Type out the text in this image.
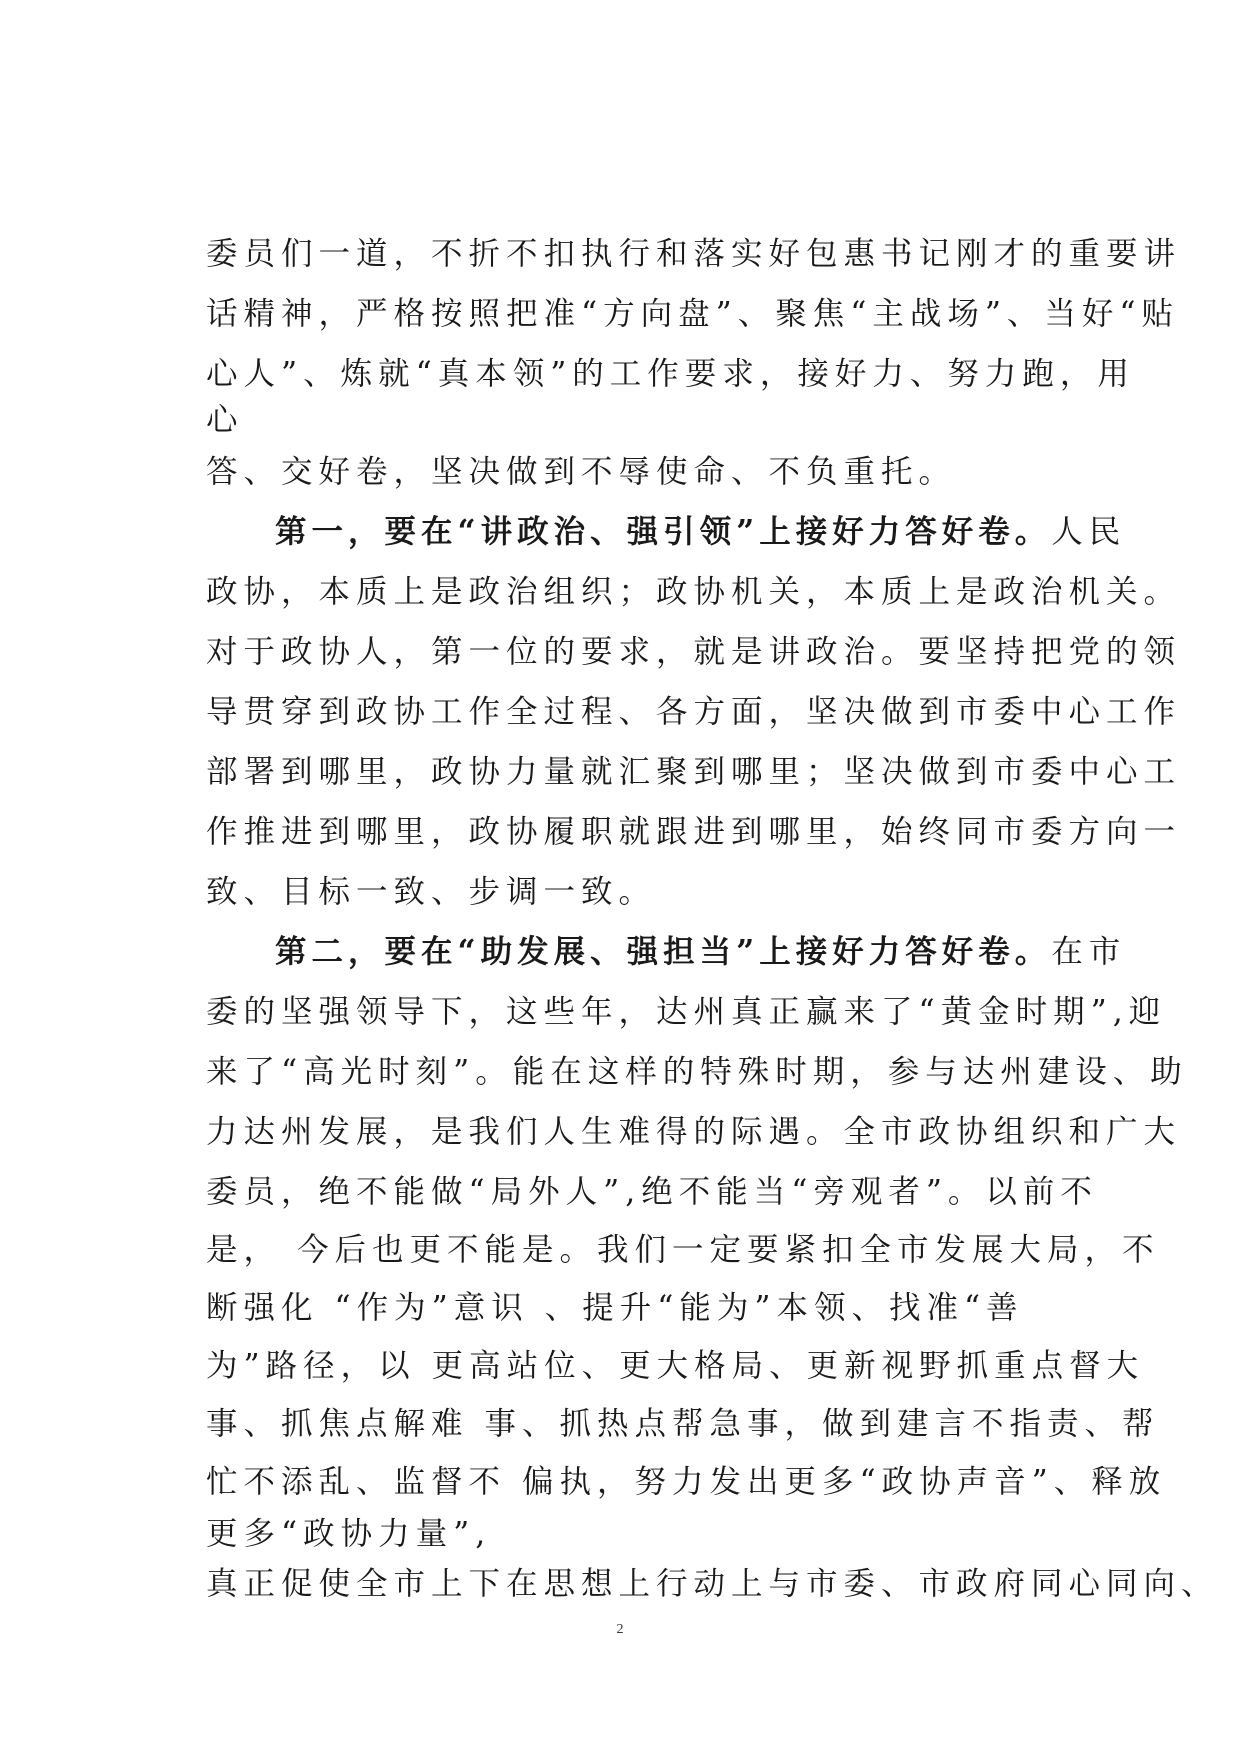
委员们一道，不折不扣执行和落实好包惠书记刚才的重要讲
话精神，严格按照把准“方向盘”、聚焦“主战场”、当好“贴
心人”、炼就“真本领”的工作要求，接好力、努力跑，用
心
答、交好卷，坚决做到不辱使命、不负重托。
第一，要在“讲政治、强引领”上接好力答好卷。人民
政协，本质上是政治组织；政协机关，本质上是政治机关。
对于政协人，第一位的要求，就是讲政治。要坚持把党的领
导贯穿到政协工作全过程、各方面，坚决做到市委中心工作
部署到哪里，政协力量就汇聚到哪里；坚决做到市委中心工
作推进到哪里，政协履职就跟进到哪里，始终同市委方向一
致、目标一致、步调一致。
第二，要在“助发展、强担当”上接好力答好卷。在市
委的坚强领导下，这些年，达州真正赢来了“黄金时期”,迎
来了“高光时刻”。能在这样的特殊时期，参与达州建设、助
力达州发展，是我们人生难得的际遇。全市政协组织和广大
委员，绝不能做“局外人”,绝不能当“旁观者”。以前不
是， 今后也更不能是。我们一定要紧扣全市发展大局，不
断强化 “作为”意识 、提升“能为”本领、找准“善
为”路径，以 更高站位、更大格局、更新视野抓重点督大
事、抓焦点解难 事、抓热点帮急事，做到建言不指责、帮
忙不添乱、监督不 偏执，努力发出更多“政协声音”、释放
更多“政协力量”,
真正促使全市上下在思想上行动上与市委、市政府同心同向、
2
